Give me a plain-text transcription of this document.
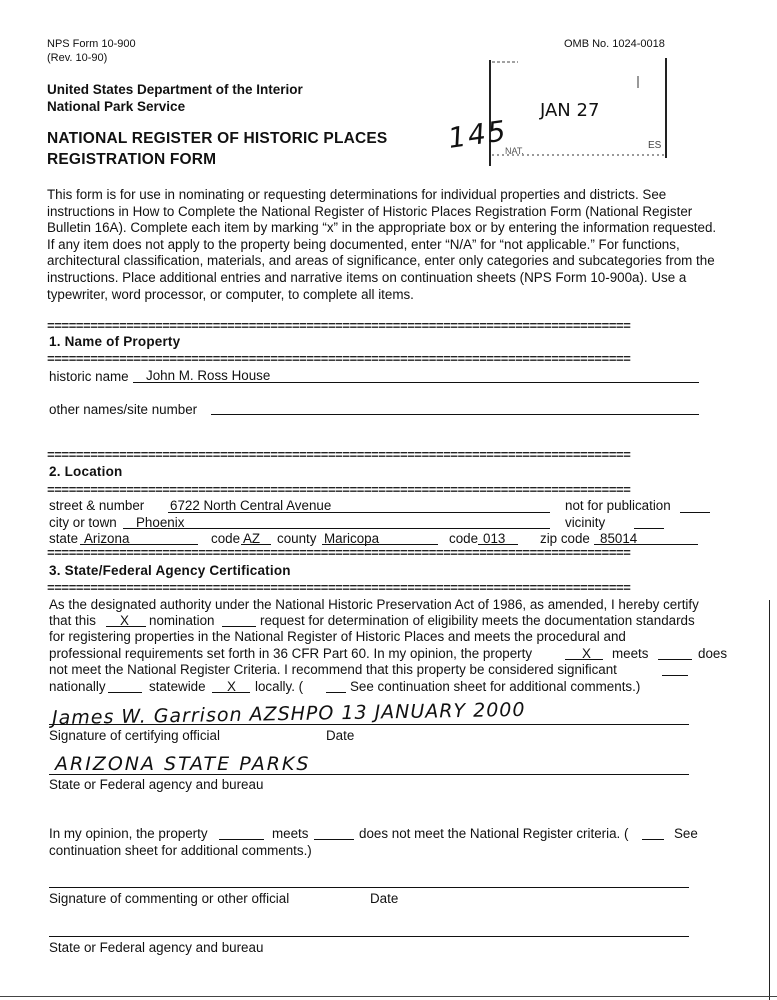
NPS Form 10-900
(Rev. 10-90)
OMB No. 1024-0018
United States Department of the Interior
National Park Service
NATIONAL REGISTER OF HISTORIC PLACES
REGISTRATION FORM
145
JAN 27
NAT.	ES
This form is for use in nominating or requesting determinations for individual properties and districts. See instructions in How to Complete the National Register of Historic Places Registration Form (National Register Bulletin 16A). Complete each item by marking “x” in the appropriate box or by entering the information requested. If any item does not apply to the property being documented, enter “N/A” for “not applicable.” For functions, architectural classification, materials, and areas of significance, enter only categories and subcategories from the instructions. Place additional entries and narrative items on continuation sheets (NPS Form 10-900a). Use a typewriter, word processor, or computer, to complete all items.
=================================================================================
1. Name of Property
=================================================================================
historic name John M. Ross House
other names/site number
=================================================================================
2. Location
=================================================================================
street & number 6722 North Central Avenue	not for publication
city or town Phoenix	vicinity
state Arizona	code AZ county Maricopa	code 013	zip code 85014
=================================================================================
3. State/Federal Agency Certification
=================================================================================
As the designated authority under the National Historic Preservation Act of 1986, as amended, I hereby certify
that this X nomination	request for determination of eligibility meets the documentation standards
for registering properties in the National Register of Historic Places and meets the procedural and
professional requirements set forth in 36 CFR Part 60. In my opinion, the property	X meets	does
not meet the National Register Criteria. I recommend that this property be considered significant
nationally	statewide X locally. (	See continuation sheet for additional comments.)
James W. Garrison AZSHPO 13 JANUARY 2000
Signature of certifying official	Date
ARIZONA STATE PARKS
State or Federal agency and bureau
In my opinion, the property	meets	does not meet the National Register criteria. (	See
continuation sheet for additional comments.)
Signature of commenting or other official	Date
State or Federal agency and bureau
